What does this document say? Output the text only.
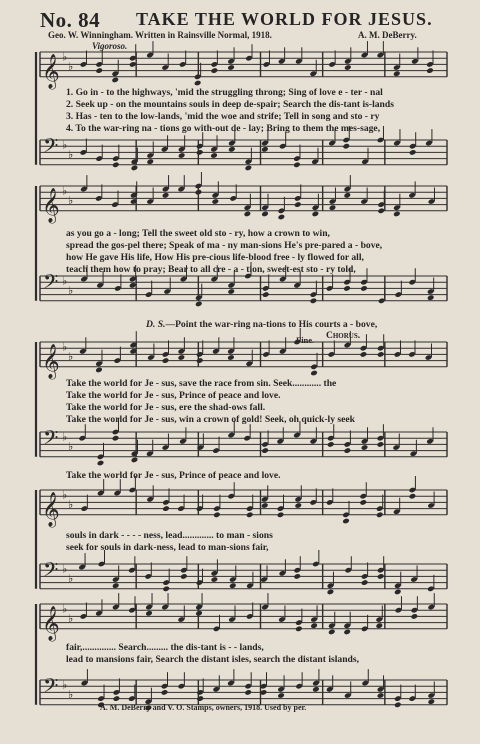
No. 84 TAKE THE WORLD FOR JESUS.
Geo. W. Winningham. Written in Rainsville Normal, 1918.	A. M. DeBerry.
Vigoroso.
𝄞 ♭
♭
𝄢 ♭
♭
𝄞 ♭
♭
𝄢 ♭
♭
𝄞 ♭
♭
𝄢 ♭
♭
𝄞 ♭
♭
𝄢 ♭
♭
𝄞 ♭
♭
𝄢 ♭
♭
1. Go in - to the highways, 'mid the struggling throng; Sing of love e - ter - nal
2. Seek up - on the mountains souls in deep de-spair; Search the dis-tant is-lands
3. Has - ten to the low-lands, 'mid the woe and strife; Tell in song and sto - ry
4. To the war-ring na - tions go with-out de - lay; Bring to them the mes-sage,
as you go a - long; Tell the sweet old sto - ry, how a crown to win,
spread the gos-pel there; Speak of ma - ny man-sions He's pre-pared a - bove,
how He gave His life, How His pre-cious life-blood free - ly flowed for all,
teach them how to pray; Bear to all cre - a - tion, sweet-est sto - ry told,
D. S.—Point the war-ring na-tions to His courts a - bove,
Fine. Chorus.
Take the world for Je - sus, save the race from sin. Seek............ the
Take the world for Je - sus, Prince of peace and love.
Take the world for Je - sus, ere the shad-ows fall.
Take the world for Je - sus, win a crown of gold! Seek, oh quick-ly seek
Take the world for Je - sus, Prince of peace and love.
souls in dark - - - - ness, lead............. to man - sions
seek for souls in dark-ness, lead to man-sions fair,
fair,.............. Search......... the dis-tant is - - lands,
lead to mansions fair, Search the distant isles, search the distant islands,
A. M. DeBerry and V. O. Stamps, owners, 1918. Used by per.
